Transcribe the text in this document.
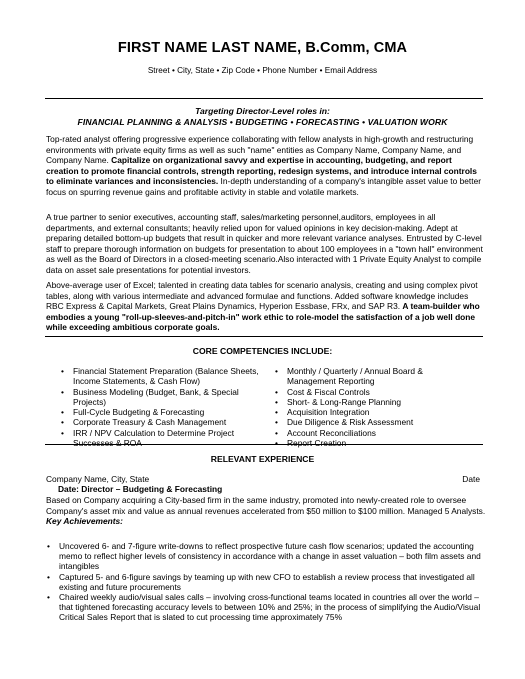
FIRST NAME LAST NAME, B.Comm, CMA
Street • City, State • Zip Code • Phone Number • Email Address
Targeting Director-Level roles in:
FINANCIAL PLANNING & ANALYSIS • BUDGETING • FORECASTING • VALUATION WORK

Top-rated analyst offering progressive experience collaborating with fellow analysts in high-growth and restructuring environments with private equity firms as well as such "name" entities as Company Name, Company Name, and Company Name. Capitalize on organizational savvy and expertise in accounting, budgeting, and report creation to promote financial controls, strength reporting, redesign systems, and introduce internal controls to eliminate variances and inconsistencies. In-depth understanding of a company's intangible asset value to better focus on spurring revenue gains and profitable activity in stable and volatile markets.

A true partner to senior executives, accounting staff, sales/marketing personnel,auditors, employees in all departments, and external consultants; heavily relied upon for valued opinions in key decision-making. Adept at preparing detailed bottom-up budgets that result in quicker and more relevant variance analyses. Entrusted by C-level staff to prepare thorough information on budgets for presentation to about 100 employees in a "town hall" environment as well as the Board of Directors in a closed-meeting scenario.Also interacted with 1 Private Equity Analyst to compile data on asset sale presentations for potential investors.

Above-average user of Excel; talented in creating data tables for scenario analysis, creating and using complex pivot tables, along with various intermediate and advanced formulae and functions. Added software knowledge includes RBC Express & Capital Markets, Great Plains Dynamics, Hyperion Essbase, FRx, and SAP R3. A team-builder who embodies a young "roll-up-sleeves-and-pitch-in" work ethic to role-model the satisfaction of a job well done while exceeding ambitious corporate goals.

CORE COMPETENCIES INCLUDE:
• Financial Statement Preparation (Balance Sheets, Income Statements, & Cash Flow)
• Business Modeling (Budget, Bank, & Special Projects)
• Full-Cycle Budgeting & Forecasting
• Corporate Treasury & Cash Management
• IRR / NPV Calculation to Determine Project Successes & ROA
• Monthly / Quarterly / Annual Board & Management Reporting
• Cost & Fiscal Controls
• Short- & Long-Range Planning
• Acquisition Integration
• Due Diligence & Risk Assessment
• Account Reconciliations
• Report Creation
RELEVANT EXPERIENCE
Company Name, City, State	Date
Date: Director – Budgeting & Forecasting
Based on Company acquiring a City-based firm in the same industry, promoted into newly-created role to oversee Company's asset mix and value as annual revenues accelerated from $50 million to $100 million. Managed 5 Analysts. Key Achievements:
• Uncovered 6- and 7-figure write-downs to reflect prospective future cash flow scenarios; updated the accounting memo to reflect higher levels of consistency in accordance with a change in asset valuation – both film assets and intangibles
• Captured 5- and 6-figure savings by teaming up with new CFO to establish a review process that investigated all existing and future procurements
• Chaired weekly audio/visual sales calls – involving cross-functional teams located in countries all over the world – that tightened forecasting accuracy levels to between 10% and 25%; in the process of simplifying the Audio/Visual Critical Sales Report that is slated to cut processing time approximately 75%
